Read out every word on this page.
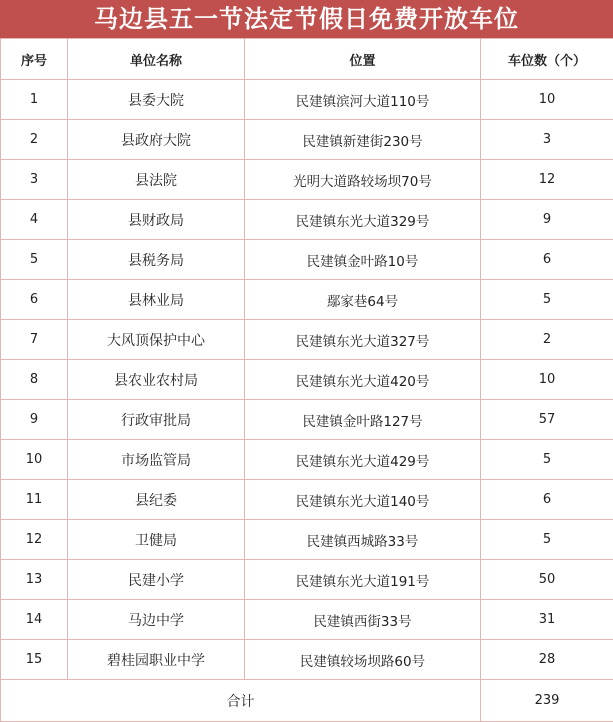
马边县五一节法定节假日免费开放车位
序号	单位名称	位置	车位数（个）
1	县委大院	民建镇滨河大道110号	10
2	县政府大院	民建镇新建街230号	3
3	县法院	光明大道路较场坝70号	12
4	县财政局	民建镇东光大道329号	9
5	县税务局	民建镇金叶路10号	6
6	县林业局	鄢家巷64号	5
7	大风顶保护中心	民建镇东光大道327号	2
8	县农业农村局	民建镇东光大道420号	10
9	行政审批局	民建镇金叶路127号	57
10	市场监管局	民建镇东光大道429号	5
11	县纪委	民建镇东光大道140号	6
12	卫健局	民建镇西城路33号	5
13	民建小学	民建镇东光大道191号	50
14	马边中学	民建镇西街33号	31
15	碧桂园职业中学	民建镇较场坝路60号	28
合计			239
